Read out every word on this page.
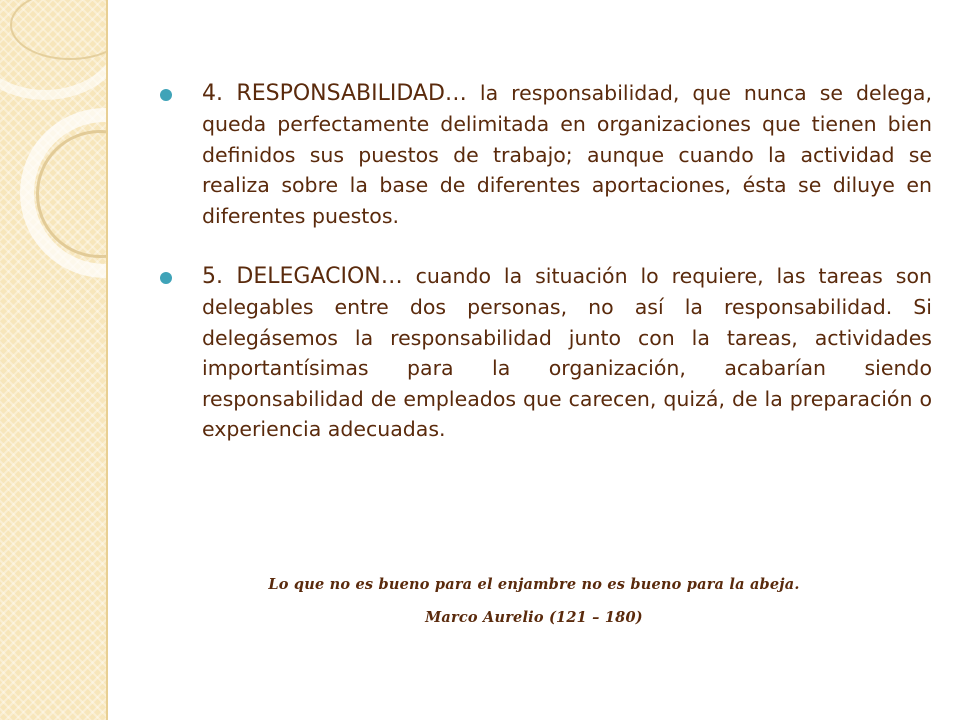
4. RESPONSABILIDAD… la responsabilidad, que nunca se delega, queda perfectamente delimitada en organizaciones que tienen bien definidos sus puestos de trabajo; aunque cuando la actividad se realiza sobre la base de diferentes aportaciones, ésta se diluye en diferentes puestos.

5. DELEGACION… cuando la situación lo requiere, las tareas son delegables entre dos personas, no así la responsabilidad. Si delegásemos la responsabilidad junto con la tareas, actividades importantísimas para la organización, acabarían siendo responsabilidad de empleados que carecen, quizá, de la preparación o experiencia adecuadas.

Lo que no es bueno para el enjambre no es bueno para la abeja.
Marco Aurelio (121 – 180)
